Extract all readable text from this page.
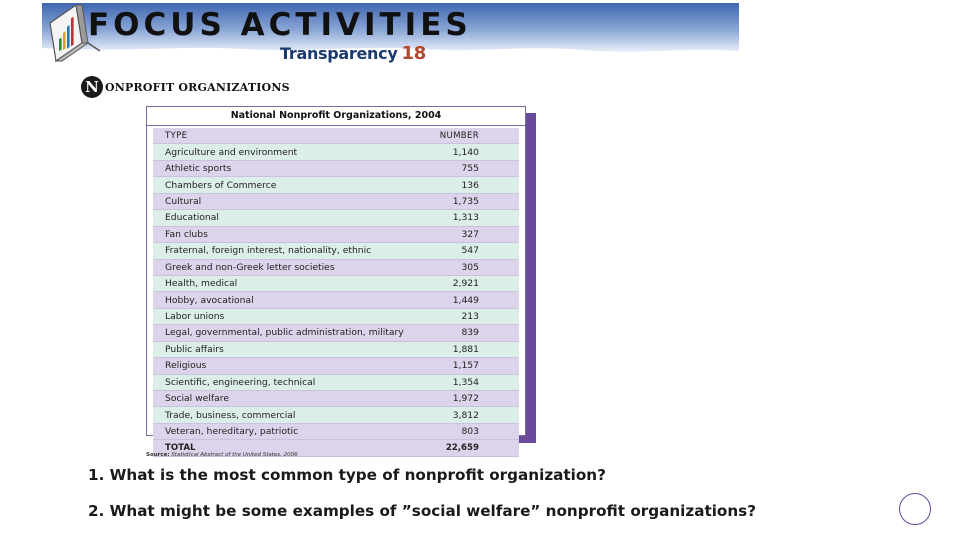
FOCUS ACTIVITIES
Transparency 18
N ONPROFIT ORGANIZATIONS
National Nonprofit Organizations, 2004
TYPE	NUMBER
Agriculture and environment	1,140
Athletic sports	755
Chambers of Commerce	136
Cultural	1,735
Educational	1,313
Fan clubs	327
Fraternal, foreign interest, nationality, ethnic	547
Greek and non-Greek letter societies	305
Health, medical	2,921
Hobby, avocational	1,449
Labor unions	213
Legal, governmental, public administration, military	839
Public affairs	1,881
Religious	1,157
Scientific, engineering, technical	1,354
Social welfare	1,972
Trade, business, commercial	3,812
Veteran, hereditary, patriotic	803
TOTAL	22,659
Source: Statistical Abstract of the United States, 2006
1. What is the most common type of nonprofit organization?
2. What might be some examples of ”social welfare” nonprofit organizations?
